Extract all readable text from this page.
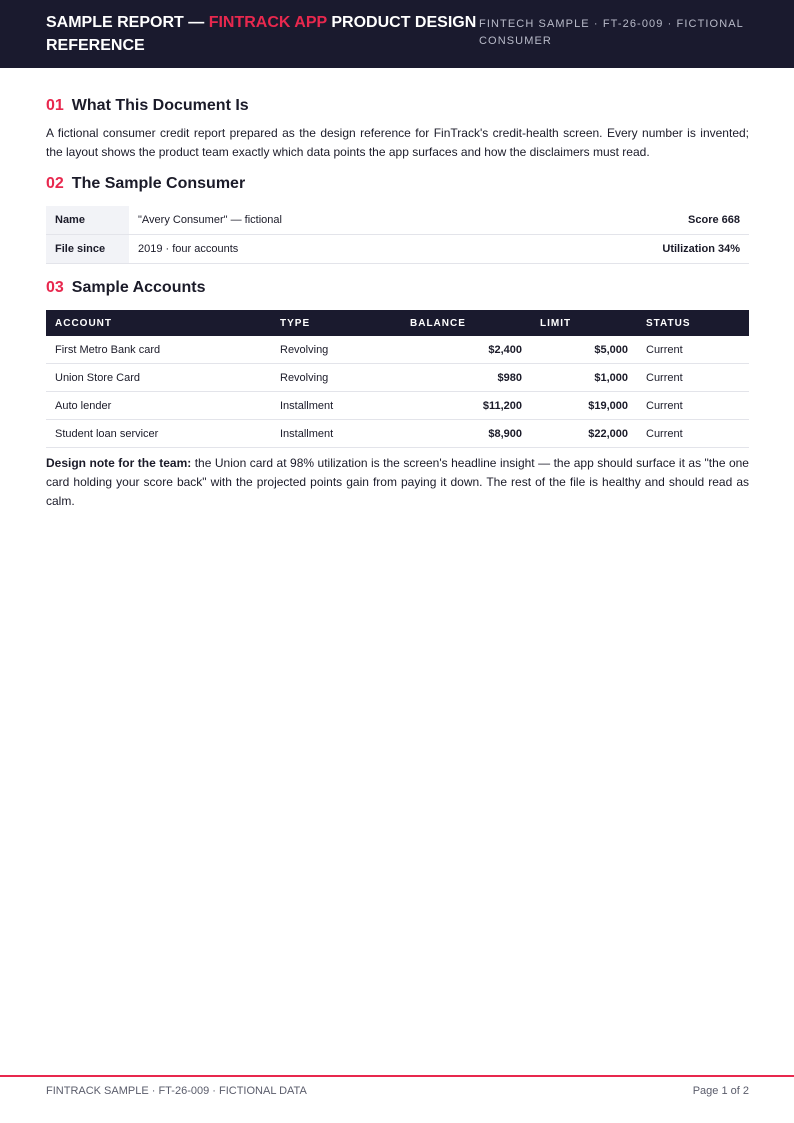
SAMPLE REPORT — FINTRACK APP PRODUCT DESIGN REFERENCE
FINTECH SAMPLE · FT-26-009 · FICTIONAL CONSUMER
01 What This Document Is

A fictional consumer credit report prepared as the design reference for FinTrack's credit-health screen. Every number is invented; the layout shows the product team exactly which data points the app surfaces and how the disclaimers must read.

02 The Sample Consumer
Name	"Avery Consumer" — fictional	Score 668
File since	2019 · four accounts	Utilization 34%
03 Sample Accounts
ACCOUNT	TYPE	BALANCE	LIMIT	STATUS
First Metro Bank card	Revolving	$2,400	$5,000	Current
Union Store Card	Revolving	$980	$1,000	Current
Auto lender	Installment	$11,200	$19,000	Current
Student loan servicer	Installment	$8,900	$22,000	Current

Design note for the team: the Union card at 98% utilization is the screen's headline insight — the app should surface it as "the one card holding your score back" with the projected points gain from paying it down. The rest of the file is healthy and should read as calm.

FINTRACK SAMPLE · FT-26-009 · FICTIONAL DATA	Page 1 of 2
